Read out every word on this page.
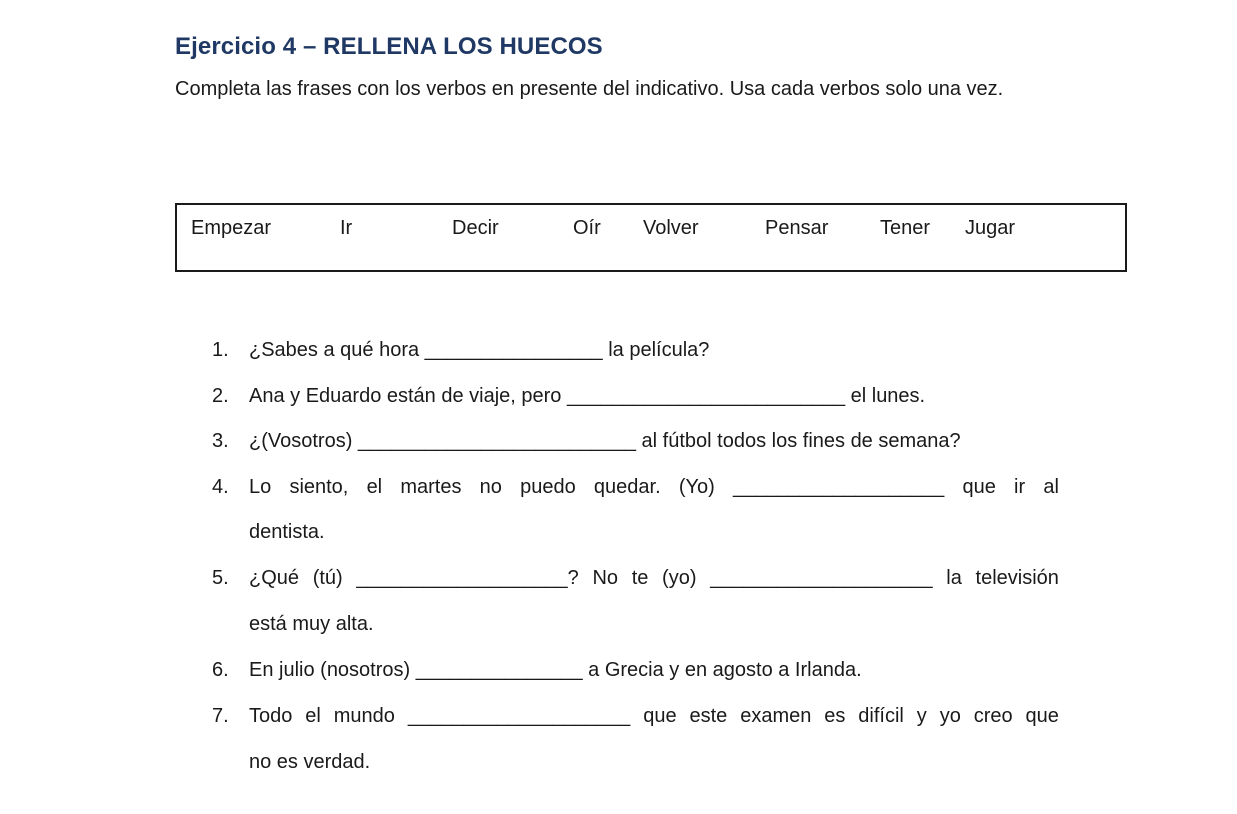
Ejercicio 4 – RELLENA LOS HUECOS
Completa las frases con los verbos en presente del indicativo. Usa cada verbos solo una vez.
Empezar	Ir	Decir	Oír Volver	Pensar	Tener Jugar
1. ¿Sabes a qué hora ________________ la película?
2. Ana y Eduardo están de viaje, pero _________________________ el lunes.
3. ¿(Vosotros) _________________________ al fútbol todos los fines de semana?
4. Lo siento, el martes no puedo quedar. (Yo) ___________________ que ir al
dentista.
5. ¿Qué (tú) ___________________? No te (yo) ____________________ la televisión
está muy alta.
6. En julio (nosotros) _______________ a Grecia y en agosto a Irlanda.
7. Todo el mundo ____________________ que este examen es difícil y yo creo que
no es verdad.
